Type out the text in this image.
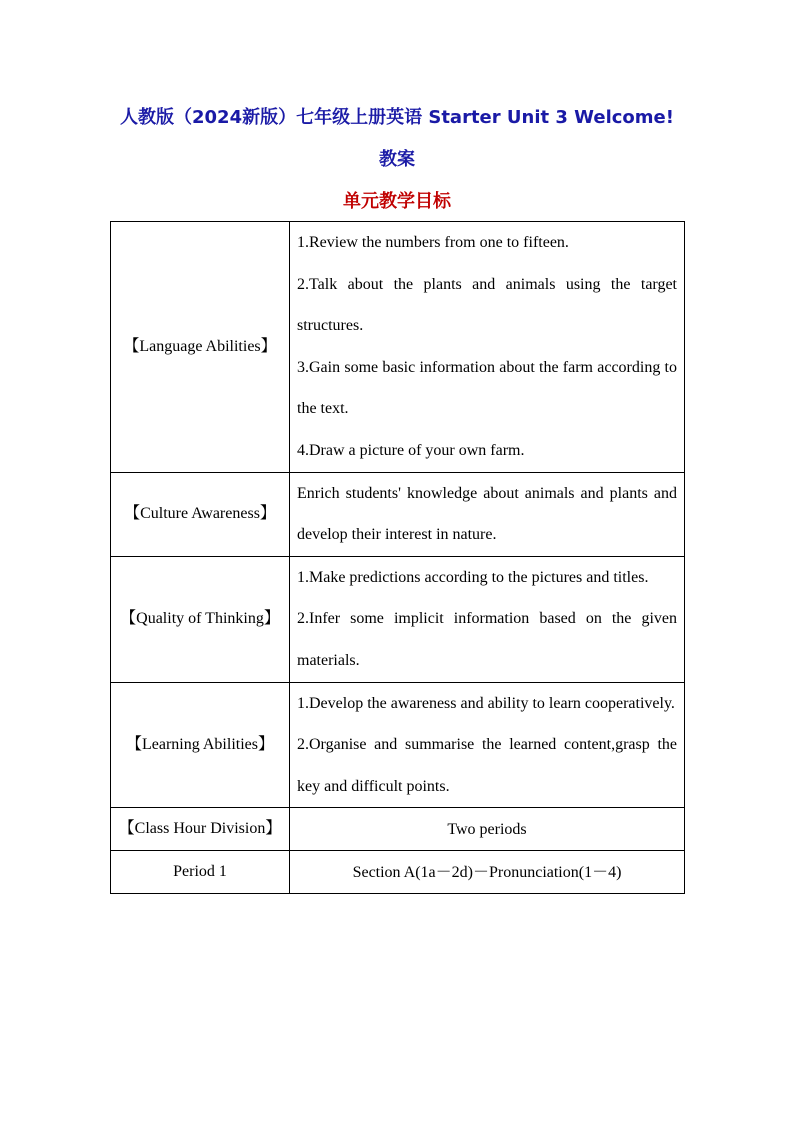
人教版（2024新版）七年级上册英语 Starter Unit 3 Welcome!
教案
单元教学目标
【Language Abilities】	1.Review the numbers from one to fifteen.
2.Talk about the plants and animals using the target structures.
3.Gain some basic information about the farm according to the text.
4.Draw a picture of your own farm.

【Culture Awareness】	Enrich students' knowledge about animals and plants and develop their interest in nature.

【Quality of Thinking】	1.Make predictions according to the pictures and titles.
2.Infer some implicit information based on the given materials.

【Learning Abilities】	1.Develop the awareness and ability to learn cooperatively.
2.Organise and summarise the learned content,grasp the key and difficult points.

【Class Hour Division】	Two periods
Period 1	Section A(1a－2d)－Pronunciation(1－4)
